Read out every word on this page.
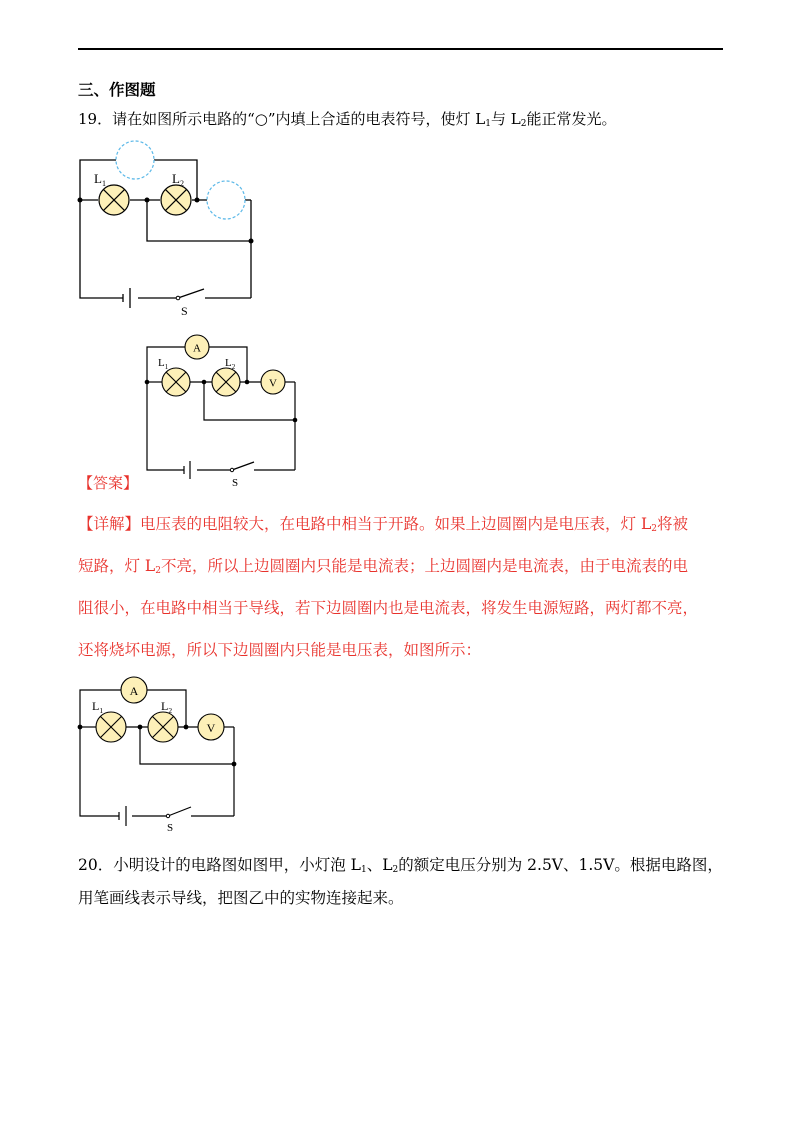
三、作图题
19．请在如图所示电路的“○”内填上合适的电表符号，使灯 $L_1$与 $L_2$能正常发光。
$L_1$	$L_2$
S
A
V
$L_1$	$L_2$
S
【答案】
【详解】电压表的电阻较大，在电路中相当于开路。如果上边圆圈内是电压表，灯 $L_2$将被
短路，灯 $L_2$不亮，所以上边圆圈内只能是电流表；上边圆圈内是电流表，由于电流表的电
阻很小，在电路中相当于导线，若下边圆圈内也是电流表，将发生电源短路，两灯都不亮，
还将烧坏电源，所以下边圆圈内只能是电压表，如图所示：
A
V
$L_1$	$L_2$
S
20．小明设计的电路图如图甲，小灯泡 $L_1$、$L_2$的额定电压分别为 2.5V、1.5V。根据电路图，
用笔画线表示导线，把图乙中的实物连接起来。
